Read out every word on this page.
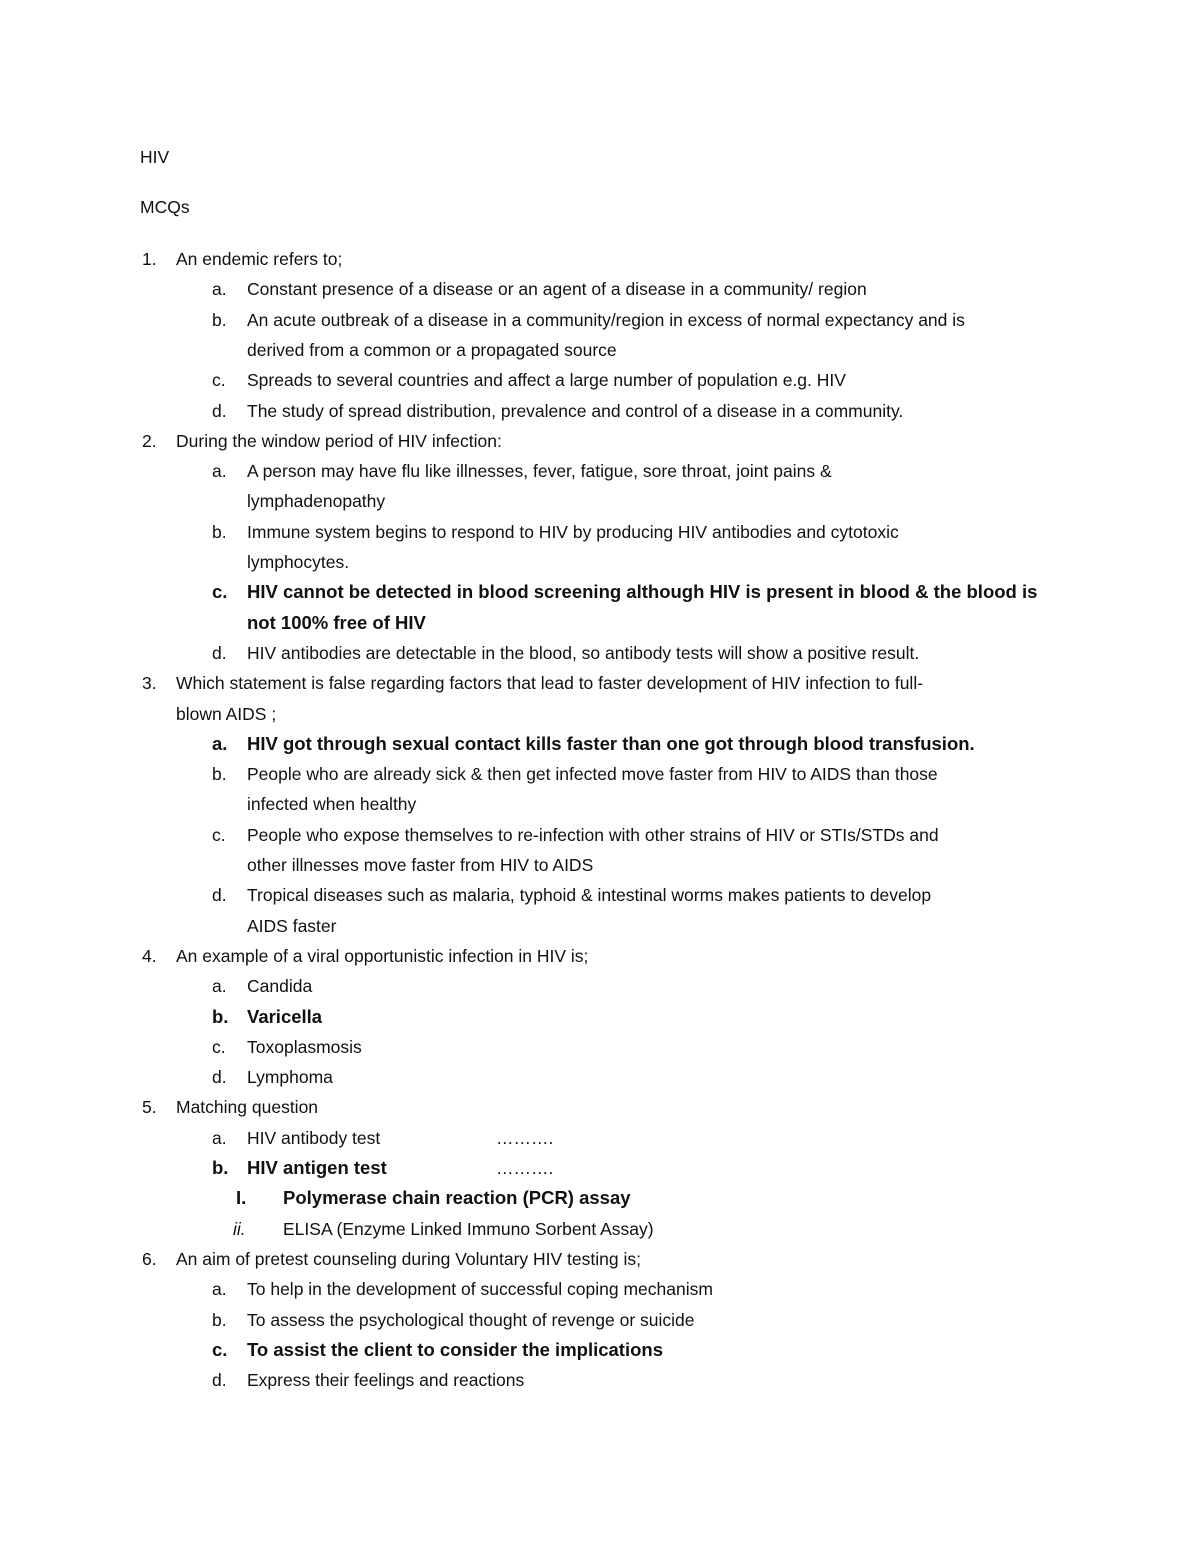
HIV
MCQs
1. An endemic refers to;
a. Constant presence of a disease or an agent of a disease in a community/ region
b. An acute outbreak of a disease in a community/region in excess of normal expectancy and is
derived from a common or a propagated source
c. Spreads to several countries and affect a large number of population e.g. HIV
d. The study of spread distribution, prevalence and control of a disease in a community.
2. During the window period of HIV infection:
a. A person may have flu like illnesses, fever, fatigue, sore throat, joint pains &
lymphadenopathy
b. Immune system begins to respond to HIV by producing HIV antibodies and cytotoxic
lymphocytes.
c. HIV cannot be detected in blood screening although HIV is present in blood & the blood is
not 100% free of HIV
d. HIV antibodies are detectable in the blood, so antibody tests will show a positive result.
3. Which statement is false regarding factors that lead to faster development of HIV infection to full-
blown AIDS ;
a. HIV got through sexual contact kills faster than one got through blood transfusion.
b. People who are already sick & then get infected move faster from HIV to AIDS than those
infected when healthy
c. People who expose themselves to re-infection with other strains of HIV or STIs/STDs and
other illnesses move faster from HIV to AIDS
d. Tropical diseases such as malaria, typhoid & intestinal worms makes patients to develop
AIDS faster
4. An example of a viral opportunistic infection in HIV is;
a. Candida
b. Varicella
c. Toxoplasmosis
d. Lymphoma
5. Matching question
a. HIV antibody test	……….
b. HIV antigen test	……….
I. Polymerase chain reaction (PCR) assay
ii. ELISA (Enzyme Linked Immuno Sorbent Assay)
6. An aim of pretest counseling during Voluntary HIV testing is;
a. To help in the development of successful coping mechanism
b. To assess the psychological thought of revenge or suicide
c. To assist the client to consider the implications
d. Express their feelings and reactions
